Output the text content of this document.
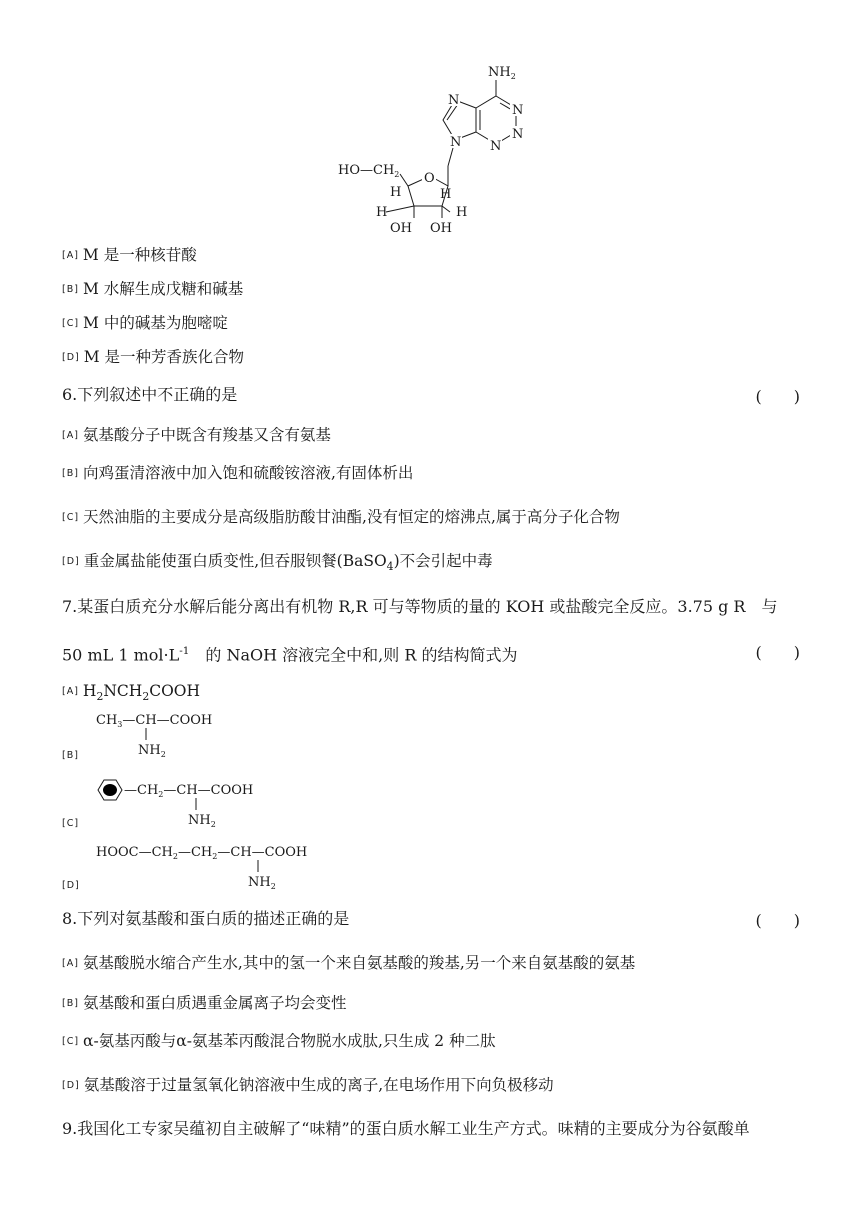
$NH_2$
N
N
N
N
N
O
$HO—CH_2$
H	H
H	H
OH OH
[A] M 是一种核苷酸
[B] M 水解生成戊糖和碱基
[C] M 中的碱基为胞嘧啶
[D] M 是一种芳香族化合物
6.下列叙述中不正确的是	(　　)
[A] 氨基酸分子中既含有羧基又含有氨基
[B] 向鸡蛋清溶液中加入饱和硫酸铵溶液,有固体析出
[C] 天然油脂的主要成分是高级脂肪酸甘油酯,没有恒定的熔沸点,属于高分子化合物
[D] 重金属盐能使蛋白质变性,但吞服钡餐(BaSO$_4$)不会引起中毒
7.某蛋白质充分水解后能分离出有机物 R,R 可与等物质的量的 KOH 或盐酸完全反应。3.75 g R　与
50 mL 1 $mol\cdot L^{-1}$　的 NaOH 溶液完全中和,则 R 的结构简式为	(　　)
[A] $H_2NCH_2COOH$
[B]
$CH_3—CH—COOH$
$NH_2$
[C]
$—CH_2—CH—COOH$
$NH_2$
[D]
$HOOC—CH_2—CH_2—CH—COOH$
$NH_2$
8.下列对氨基酸和蛋白质的描述正确的是	(　　)
[A] 氨基酸脱水缩合产生水,其中的氢一个来自氨基酸的羧基,另一个来自氨基酸的氨基
[B] 氨基酸和蛋白质遇重金属离子均会变性
[C] α-氨基丙酸与α-氨基苯丙酸混合物脱水成肽,只生成 2 种二肽
[D] 氨基酸溶于过量氢氧化钠溶液中生成的离子,在电场作用下向负极移动
9.我国化工专家吴蕴初自主破解了“味精”的蛋白质水解工业生产方式。味精的主要成分为谷氨酸单
